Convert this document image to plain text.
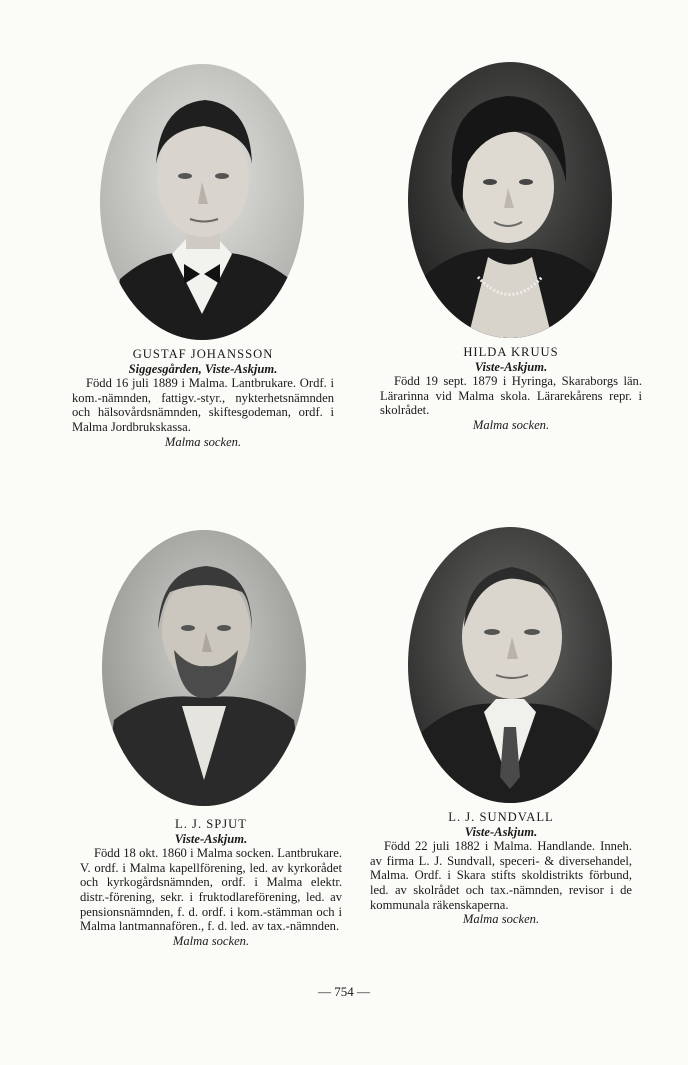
GUSTAF JOHANSSON
Siggesgården, Viste-Askjum.
Född 16 juli 1889 i Malma. Lantbrukare. Ordf. i kom.-nämnden, fattigv.-styr., nykterhetsnämnden och hälsovårdsnämnden, skiftesgodeman, ordf. i Malma Jordbrukskassa.
Malma socken.
HILDA KRUUS
Viste-Askjum.
Född 19 sept. 1879 i Hyringa, Skaraborgs län. Lärarinna vid Malma skola. Lärarekårens repr. i skolrådet.
Malma socken.
L. J. SPJUT
Viste-Askjum.
Född 18 okt. 1860 i Malma socken. Lantbrukare. V. ordf. i Malma kapellförening, led. av kyrkorådet och kyrkogårdsnämnden, ordf. i Malma elektr. distr.-förening, sekr. i fruktodlareförening, led. av pensionsnämnden, f. d. ordf. i kom.-stämman och i Malma lantmannafören., f. d. led. av tax.-nämnden.
Malma socken.
L. J. SUNDVALL
Viste-Askjum.
Född 22 juli 1882 i Malma. Handlande. Inneh. av firma L. J. Sundvall, speceri- & diversehandel, Malma. Ordf. i Skara stifts skoldistrikts förbund, led. av skolrådet och tax.-nämnden, revisor i de kommunala räkenskaperna.
Malma socken.
— 754 —
